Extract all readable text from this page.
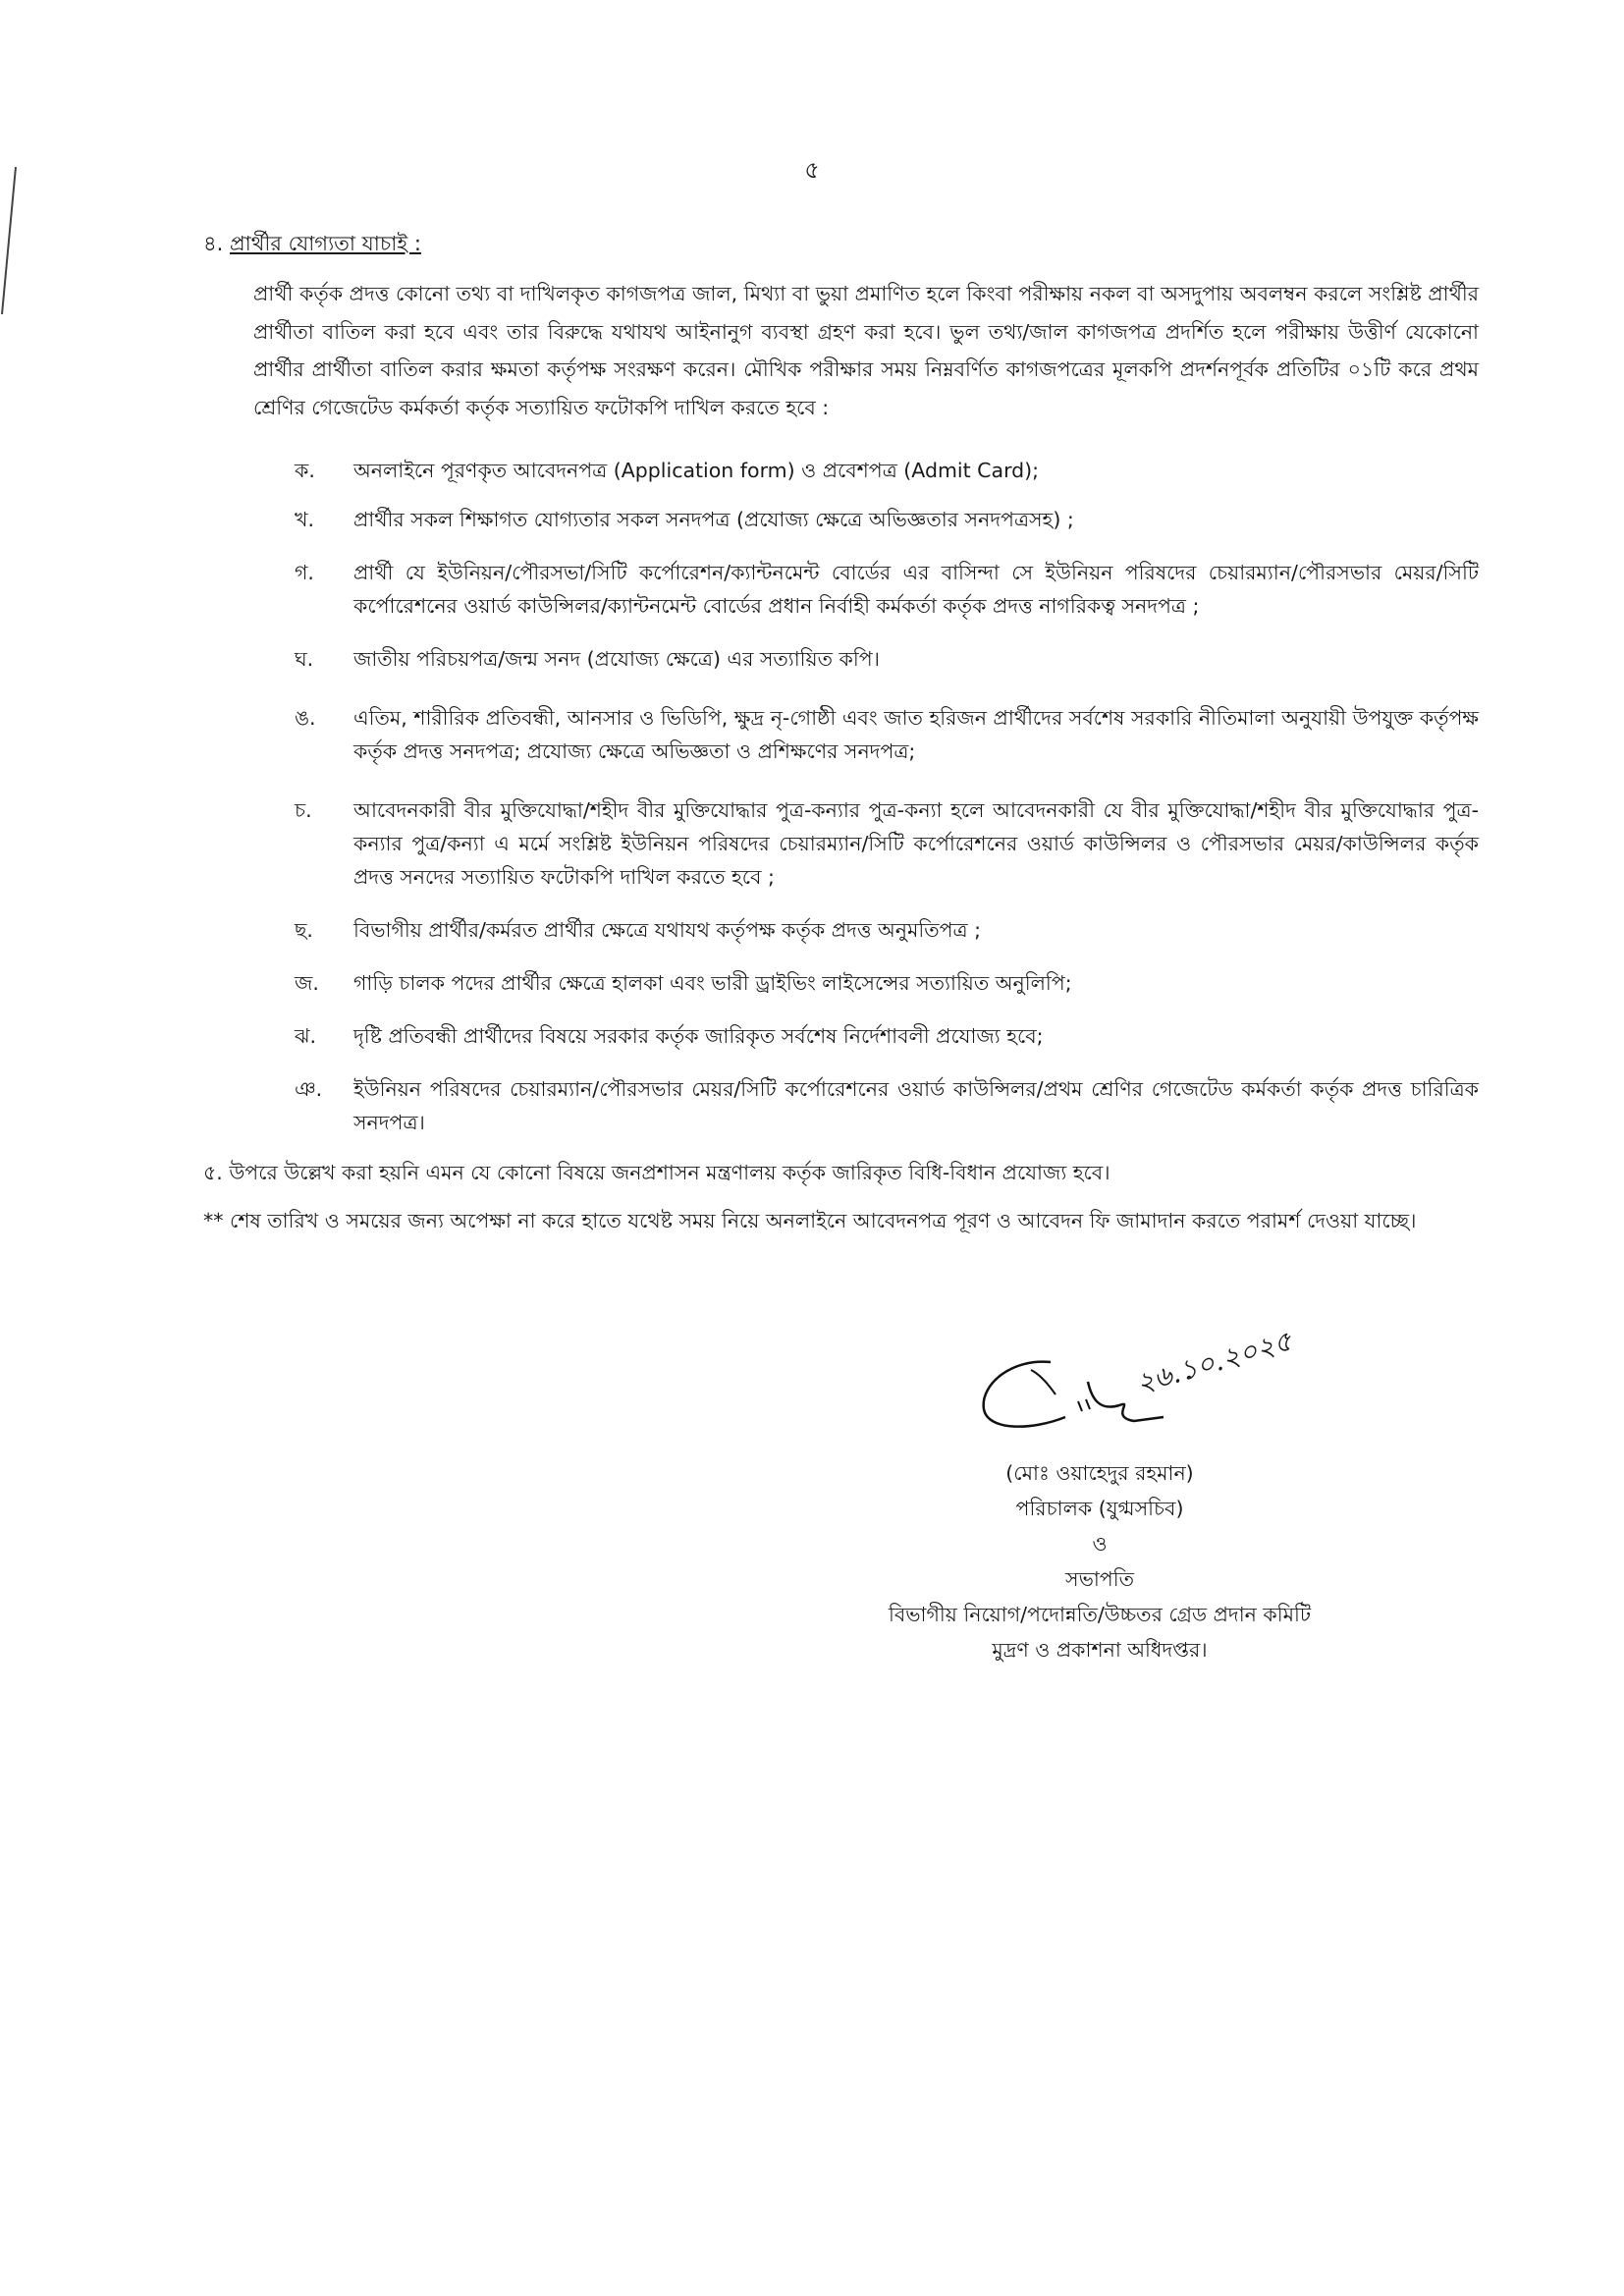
৫
৪. প্রার্থীর যোগ্যতা যাচাই :
প্রার্থী কর্তৃক প্রদত্ত কোনো তথ্য বা দাখিলকৃত কাগজপত্র জাল, মিথ্যা বা ভুয়া প্রমাণিত হলে কিংবা পরীক্ষায় নকল বা অসদুপায় অবলম্বন করলে সংশ্লিষ্ট প্রার্থীর প্রার্থীতা বাতিল করা হবে এবং তার বিরুদ্ধে যথাযথ আইনানুগ ব্যবস্থা গ্রহণ করা হবে। ভুল তথ্য/জাল কাগজপত্র প্রদর্শিত হলে পরীক্ষায় উত্তীর্ণ যেকোনো প্রার্থীর প্রার্থীতা বাতিল করার ক্ষমতা কর্তৃপক্ষ সংরক্ষণ করেন। মৌখিক পরীক্ষার সময় নিম্নবর্ণিত কাগজপত্রের মূলকপি প্রদর্শনপূর্বক প্রতিটির ০১টি করে প্রথম শ্রেণির গেজেটেড কর্মকর্তা কর্তৃক সত্যায়িত ফটোকপি দাখিল করতে হবে :
ক. অনলাইনে পূরণকৃত আবেদনপত্র (Application form) ও প্রবেশপত্র (Admit Card);
খ. প্রার্থীর সকল শিক্ষাগত যোগ্যতার সকল সনদপত্র (প্রযোজ্য ক্ষেত্রে অভিজ্ঞতার সনদপত্রসহ) ;
গ. প্রার্থী যে ইউনিয়ন/পৌরসভা/সিটি কর্পোরেশন/ক্যান্টনমেন্ট বোর্ডের এর বাসিন্দা সে ইউনিয়ন পরিষদের চেয়ারম্যান/পৌরসভার মেয়র/সিটি কর্পোরেশনের ওয়ার্ড কাউন্সিলর/ক্যান্টনমেন্ট বোর্ডের প্রধান নির্বাহী কর্মকর্তা কর্তৃক প্রদত্ত নাগরিকত্ব সনদপত্র ;
ঘ. জাতীয় পরিচয়পত্র/জন্ম সনদ (প্রযোজ্য ক্ষেত্রে) এর সত্যায়িত কপি।
ঙ. এতিম, শারীরিক প্রতিবন্ধী, আনসার ও ভিডিপি, ক্ষুদ্র নৃ-গোষ্ঠী এবং জাত হরিজন প্রার্থীদের সর্বশেষ সরকারি নীতিমালা অনুযায়ী উপযুক্ত কর্তৃপক্ষ কর্তৃক প্রদত্ত সনদপত্র; প্রযোজ্য ক্ষেত্রে অভিজ্ঞতা ও প্রশিক্ষণের সনদপত্র;
চ. আবেদনকারী বীর মুক্তিযোদ্ধা/শহীদ বীর মুক্তিযোদ্ধার পুত্র-কন্যার পুত্র-কন্যা হলে আবেদনকারী যে বীর মুক্তিযোদ্ধা/শহীদ বীর মুক্তিযোদ্ধার পুত্র-কন্যার পুত্র/কন্যা এ মর্মে সংশ্লিষ্ট ইউনিয়ন পরিষদের চেয়ারম্যান/সিটি কর্পোরেশনের ওয়ার্ড কাউন্সিলর ও পৌরসভার মেয়র/কাউন্সিলর কর্তৃক প্রদত্ত সনদের সত্যায়িত ফটোকপি দাখিল করতে হবে ;
ছ. বিভাগীয় প্রার্থীর/কর্মরত প্রার্থীর ক্ষেত্রে যথাযথ কর্তৃপক্ষ কর্তৃক প্রদত্ত অনুমতিপত্র ;
জ. গাড়ি চালক পদের প্রার্থীর ক্ষেত্রে হালকা এবং ভারী ড্রাইভিং লাইসেন্সের সত্যায়িত অনুলিপি;
ঝ. দৃষ্টি প্রতিবন্ধী প্রার্থীদের বিষয়ে সরকার কর্তৃক জারিকৃত সর্বশেষ নির্দেশাবলী প্রযোজ্য হবে;
ঞ. ইউনিয়ন পরিষদের চেয়ারম্যান/পৌরসভার মেয়র/সিটি কর্পোরেশনের ওয়ার্ড কাউন্সিলর/প্রথম শ্রেণির গেজেটেড কর্মকর্তা কর্তৃক প্রদত্ত চারিত্রিক সনদপত্র।
৫. উপরে উল্লেখ করা হয়নি এমন যে কোনো বিষয়ে জনপ্রশাসন মন্ত্রণালয় কর্তৃক জারিকৃত বিধি-বিধান প্রযোজ্য হবে।
** শেষ তারিখ ও সময়ের জন্য অপেক্ষা না করে হাতে যথেষ্ট সময় নিয়ে অনলাইনে আবেদনপত্র পূরণ ও আবেদন ফি জামাদান করতে পরামর্শ দেওয়া যাচ্ছে।
২৬.১০.২০২৫
(মোঃ ওয়াহেদুর রহমান)
পরিচালক (যুগ্মসচিব)
ও
সভাপতি
বিভাগীয় নিয়োগ/পদোন্নতি/উচ্চতর গ্রেড প্রদান কমিটি
মুদ্রণ ও প্রকাশনা অধিদপ্তর।
